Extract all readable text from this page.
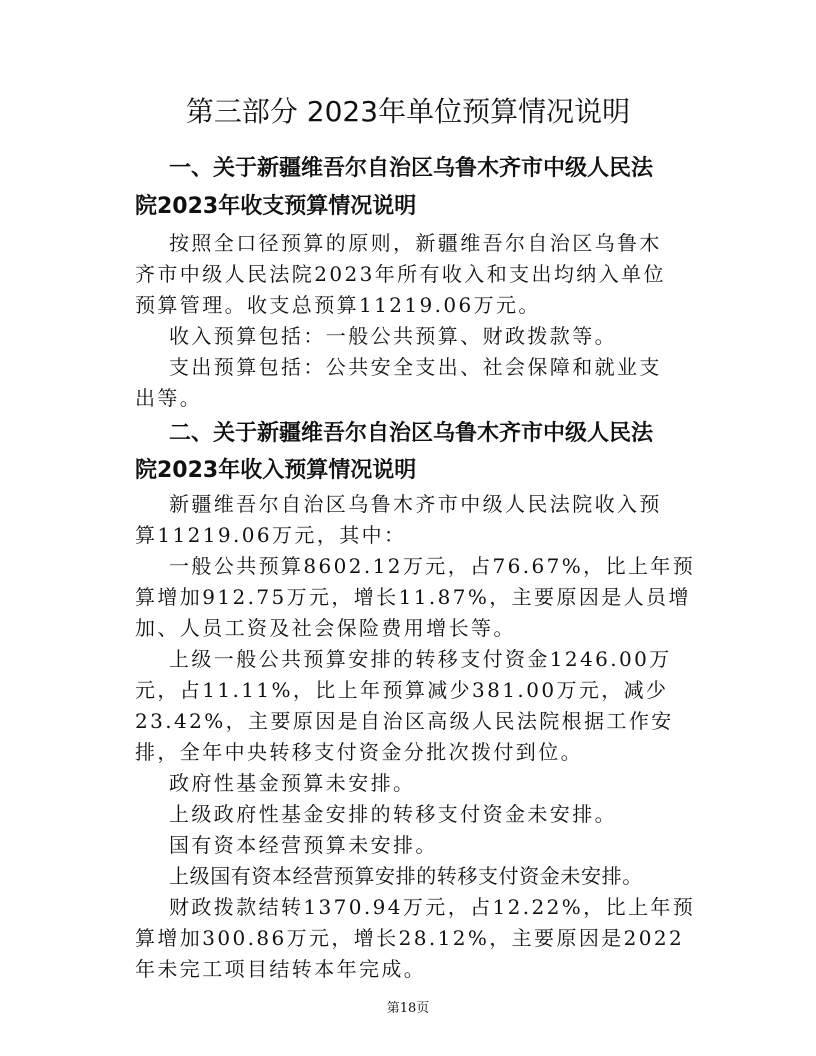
第三部分 2023年单位预算情况说明
一、关于新疆维吾尔自治区乌鲁木齐市中级人民法
院2023年收支预算情况说明
按照全口径预算的原则，新疆维吾尔自治区乌鲁木
齐市中级人民法院2023年所有收入和支出均纳入单位
预算管理。收支总预算11219.06万元。
收入预算包括：一般公共预算、财政拨款等。
支出预算包括：公共安全支出、社会保障和就业支
出等。
二、关于新疆维吾尔自治区乌鲁木齐市中级人民法
院2023年收入预算情况说明
新疆维吾尔自治区乌鲁木齐市中级人民法院收入预
算11219.06万元，其中：
一般公共预算8602.12万元，占76.67%，比上年预
算增加912.75万元，增长11.87%，主要原因是人员增
加、人员工资及社会保险费用增长等。
上级一般公共预算安排的转移支付资金1246.00万
元，占11.11%，比上年预算减少381.00万元，减少
23.42%，主要原因是自治区高级人民法院根据工作安
排，全年中央转移支付资金分批次拨付到位。
政府性基金预算未安排。
上级政府性基金安排的转移支付资金未安排。
国有资本经营预算未安排。
上级国有资本经营预算安排的转移支付资金未安排。
财政拨款结转1370.94万元，占12.22%，比上年预
算增加300.86万元，增长28.12%，主要原因是2022
年未完工项目结转本年完成。
第18页
